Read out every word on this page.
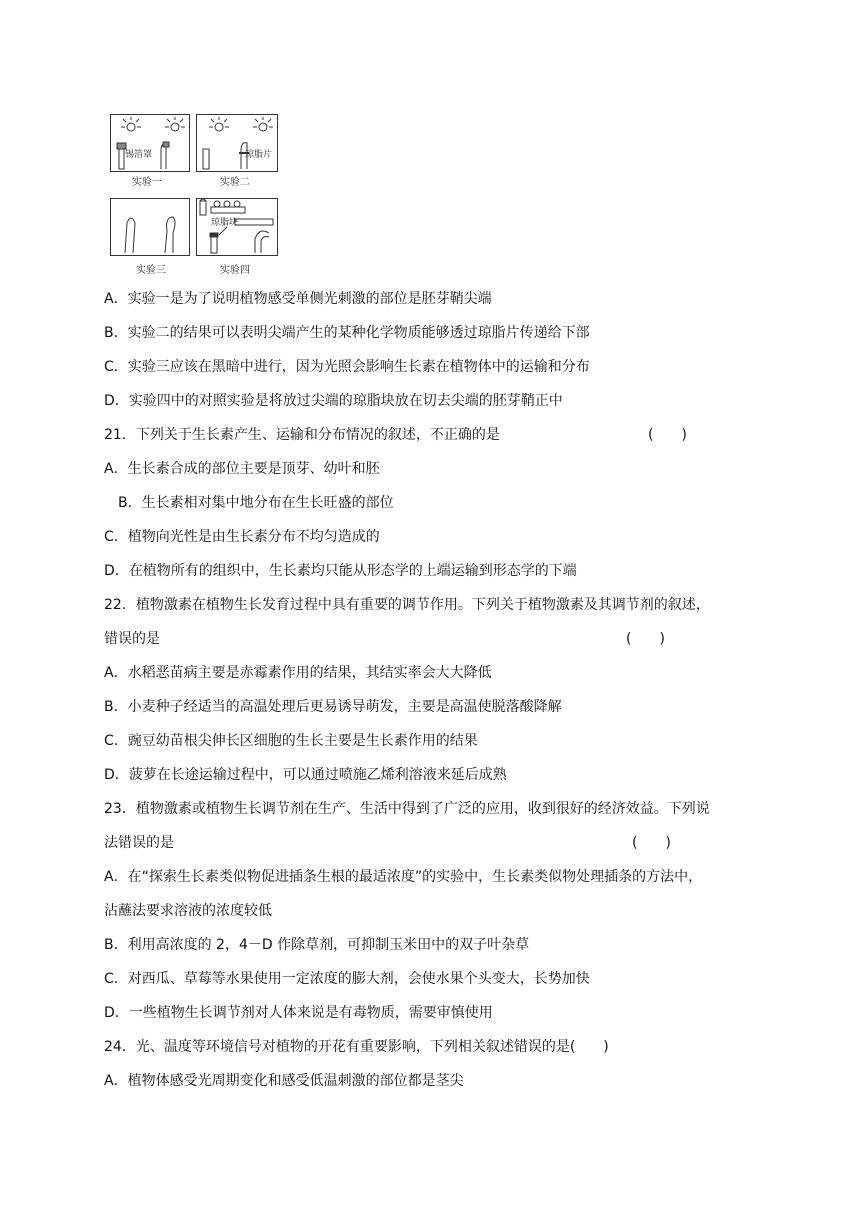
锡箔罩
实验一
琼脂片
实验二
实验三
琼脂块
实验四
A．实验一是为了说明植物感受单侧光刺激的部位是胚芽鞘尖端
B．实验二的结果可以表明尖端产生的某种化学物质能够透过琼脂片传递给下部
C．实验三应该在黑暗中进行，因为光照会影响生长素在植物体中的运输和分布
D．实验四中的对照实验是将放过尖端的琼脂块放在切去尖端的胚芽鞘正中
21．下列关于生长素产生、运输和分布情况的叙述，不正确的是	(　　)
A．生长素合成的部位主要是顶芽、幼叶和胚
B．生长素相对集中地分布在生长旺盛的部位
C．植物向光性是由生长素分布不均匀造成的
D．在植物所有的组织中，生长素均只能从形态学的上端运输到形态学的下端
22．植物激素在植物生长发育过程中具有重要的调节作用。下列关于植物激素及其调节剂的叙述，
错误的是	(　　)
A．水稻恶苗病主要是赤霉素作用的结果，其结实率会大大降低
B．小麦种子经适当的高温处理后更易诱导萌发，主要是高温使脱落酸降解
C．豌豆幼苗根尖伸长区细胞的生长主要是生长素作用的结果
D．菠萝在长途运输过程中，可以通过喷施乙烯利溶液来延后成熟
23．植物激素或植物生长调节剂在生产、生活中得到了广泛的应用，收到很好的经济效益。下列说
法错误的是	(　　)
A．在“探索生长素类似物促进插条生根的最适浓度”的实验中，生长素类似物处理插条的方法中，
沾蘸法要求溶液的浓度较低
B．利用高浓度的 2，4－D 作除草剂，可抑制玉米田中的双子叶杂草
C．对西瓜、草莓等水果使用一定浓度的膨大剂，会使水果个头变大，长势加快
D．一些植物生长调节剂对人体来说是有毒物质，需要审慎使用
24．光、温度等环境信号对植物的开花有重要影响，下列相关叙述错误的是(　　)
A．植物体感受光周期变化和感受低温刺激的部位都是茎尖
